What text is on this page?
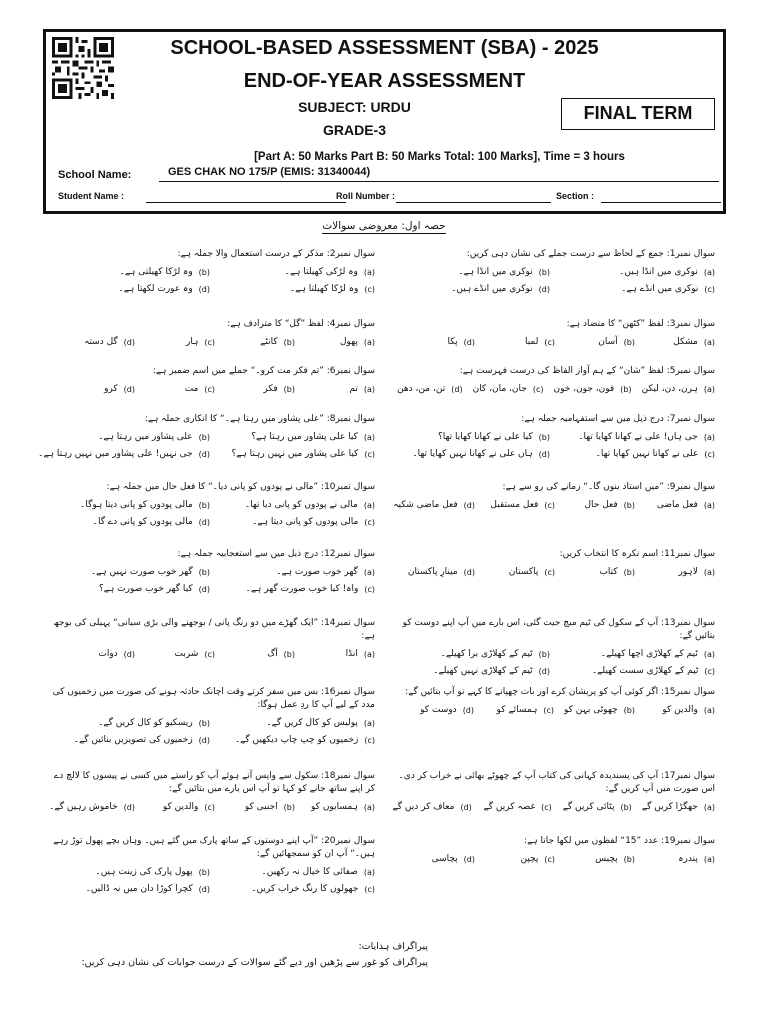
SCHOOL-BASED ASSESSMENT (SBA) - 2025
END-OF-YEAR ASSESSMENT
SUBJECT: URDU
GRADE-3
FINAL TERM
[Part A: 50 Marks Part B: 50 Marks Total: 100 Marks], Time = 3 hours
School Name:	GES CHAK NO 175/P (EMIS: 31340044)
Student Name :	Roll Number :	Section :
حصہ اول: معروضی سوالات
سوال نمبر1: جمع کے لحاظ سے درست جملے کی نشان دہی کریں:
(a)
نوکری میں انڈا ہیں۔
(b)
نوکری میں انڈا ہے۔
(c)
نوکری میں انڈے ہے۔
(d)
نوکری میں انڈے ہیں۔
سوال نمبر2: مذکر کے درست استعمال والا جملہ ہے:
(a)
وہ لڑکی کھیلتا ہے۔
(b)
وہ لڑکا کھیلتی ہے۔
(c)
وہ لڑکا کھیلتا ہے۔
(d)
وہ عورت لکھتا ہے۔
سوال نمبر3: لفظ ”کٹھن“ کا متضاد ہے:
(a)
مشکل
(b)
آسان
(c)
لمبا
(d)
پکا
سوال نمبر4: لفظ ”گل“ کا مترادف ہے:
(a)
پھول
(b)
کانٹے
(c)
ہار
(d)
گل دستہ
سوال نمبر5: لفظ ”شان“ کے ہم آواز الفاظ کی درست فہرست ہے:
(a)
ہرن، دن، لیکن
(b)
فون، جون، خون
(c)
جان، مان، کان
(d)
تن، من، دھن
سوال نمبر6: ”تم فکر مت کرو۔“ جملے میں اسم ضمیر ہے:
(a)
تم
(b)
فکر
(c)
مت
(d)
کرو
سوال نمبر7: درج ذیل میں سے استفہامیہ جملہ ہے:
(a)
جی ہاں! علی نے کھانا کھایا تھا۔
(b)
کیا علی نے کھانا کھایا تھا؟
(c)
علی نے کھانا نہیں کھایا تھا۔
(d)
ہاں علی نے کھانا نہیں کھایا تھا۔
سوال نمبر8: ”علی پشاور میں رہتا ہے۔“ کا انکاری جملہ ہے:
(a)
کیا علی پشاور میں رہتا ہے؟
(b)
علی پشاور میں رہتا ہے۔
(c)
کیا علی پشاور میں نہیں رہتا ہے؟
(d)
جی نہیں! علی پشاور میں نہیں رہتا ہے۔
سوال نمبر9: ”میں استاد بنوں گا۔“ زمانے کی رو سے ہے:
(a)
فعل ماضی
(b)
فعل حال
(c)
فعل مستقبل
(d)
فعل ماضی شکیہ
سوال نمبر10: ”مالی نے پودوں کو پانی دیا۔“ کا فعل حال میں جملہ ہے:
(a)
مالی نے پودوں کو پانی دیا تھا۔
(b)
مالی پودوں کو پانی دیتا ہوگا۔
(c)
مالی پودوں کو پانی دیتا ہے۔
(d)
مالی پودوں کو پانی دے گا۔
سوال نمبر11: اسم نکرہ کا انتخاب کریں:
(a)
لاہور
(b)
کتاب
(c)
پاکستان
(d)
مینارِ پاکستان
سوال نمبر12: درج ذیل میں سے استعجابیہ جملہ ہے:
(a)
گھر خوب صورت ہے۔
(b)
گھر خوب صورت نہیں ہے۔
(c)
واہ! کیا خوب صورت گھر ہے۔
(d)
کیا گھر خوب صورت ہے؟
سوال نمبر13: آپ کے سکول کی ٹیم میچ جیت گئی، اس بارے میں آپ اپنے دوست کو بتائیں گے:
(a)
ٹیم کے کھلاڑی اچھا کھیلے۔
(b)
ٹیم کے کھلاڑی برا کھیلے۔
(c)
ٹیم کے کھلاڑی سست کھیلے۔
(d)
ٹیم کے کھلاڑی نہیں کھیلے۔
سوال نمبر14: ”ایک گھڑے میں دو رنگ پانی / بوجھنے والی بڑی سیانی“ پہیلی کی بوجھ ہے:
(a)
انڈا
(b)
آگ
(c)
شربت
(d)
دوات
سوال نمبر15: اگر کوئی آپ کو پریشان کرے اور بات چھپانے کا کہے تو آپ بتائیں گے:
(a)
والدین کو
(b)
چھوٹی بہن کو
(c)
ہمسائے کو
(d)
دوست کو
سوال نمبر16: بس میں سفر کرتے وقت اچانک حادثہ ہونے کی صورت میں زخمیوں کی مدد کے لیے آپ کا ردِ عمل ہوگا:
(a)
پولیس کو کال کریں گے۔
(b)
ریسکیو کو کال کریں گے۔
(c)
زخمیوں کو چپ چاپ دیکھیں گے۔
(d)
زخمیوں کی تصویریں بنائیں گے۔
سوال نمبر17: آپ کی پسندیدہ کہانی کی کتاب آپ کے چھوٹے بھائی نے خراب کر دی۔ اس صورت میں آپ کریں گے:
(a)
جھگڑا کریں گے
(b)
پٹائی کریں گے
(c)
غصہ کریں گے
(d)
معاف کر دیں گے
سوال نمبر18: سکول سے واپس آتے ہوئے آپ کو راستے میں کسی نے پیسوں کا لالچ دے کر اپنے ساتھ جانے کو کہا تو آپ اس بارے میں بتائیں گے:
(a)
ہمسایوں کو
(b)
اجنبی کو
(c)
والدین کو
(d)
خاموش رہیں گے۔
سوال نمبر19: عدد ”15“ لفظوں میں لکھا جاتا ہے:
(a)
پندرہ
(b)
پچیس
(c)
پچپن
(d)
پچاسی
سوال نمبر20: ”آپ اپنے دوستوں کے ساتھ پارک میں گئے ہیں۔ وہاں بچے پھول توڑ رہے ہیں۔“ آپ ان کو سمجھائیں گے:
(a)
صفائی کا خیال نہ رکھیں۔
(b)
پھول پارک کی زینت ہیں۔
(c)
جھولوں کا رنگ خراب کریں۔
(d)
کچرا کوڑا دان میں نہ ڈالیں۔
پیراگراف ہدایات:
پیراگراف کو غور سے پڑھیں اور دیے گئے سوالات کے درست جوابات کی نشان دہی کریں:
